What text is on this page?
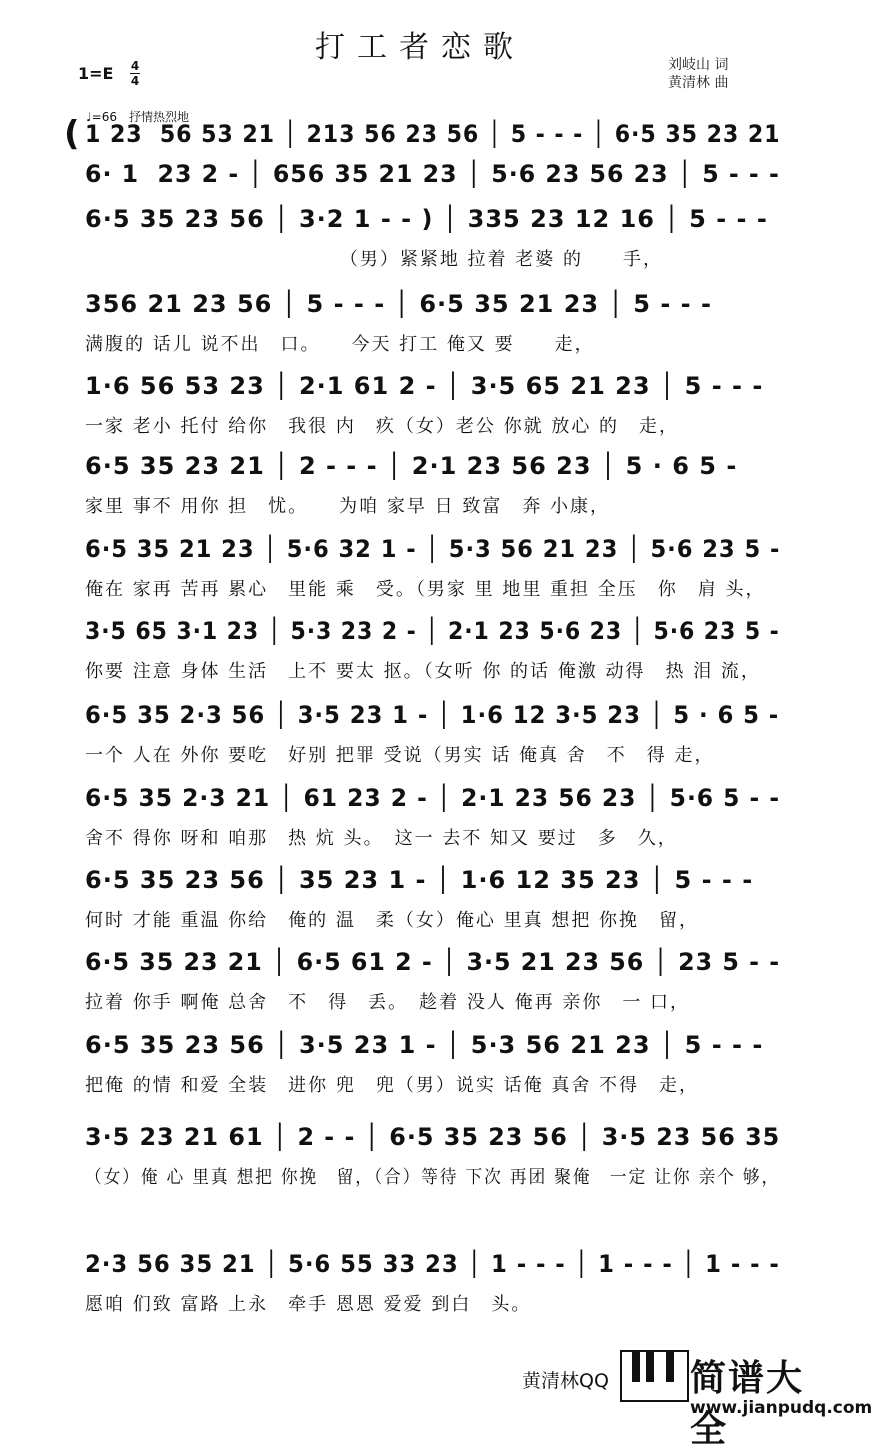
打工者恋歌	刘岐山 词
黄清林 曲
1=E 4
4
♩=66　抒情热烈地
( 1 23  56 53 21 │ 213 56 23 56 │ 5 - - - │ 6·5 35 23 21
6· 1  23 2 - │ 656 35 21 23 │ 5·6 23 56 23 │ 5 - - -
6·5 35 23 56 │ 3·2 1 - - ) │ 335 23 12 16 │ 5 - - -
（男）紧紧地 拉着 老婆 的　　手，
356 21 23 56 │ 5 - - - │ 6·5 35 21 23 │ 5 - - -
满腹的 话儿 说不出　口。　　今天 打工 俺又 要　　走，
1·6 56 53 23 │ 2·1 61 2 - │ 3·5 65 21 23 │ 5 - - -
一家 老小 托付 给你　我很 内　疚（女）老公 你就 放心 的　走，
6·5 35 23 21 │ 2 - - - │ 2·1 23 56 23 │ 5 · 6 5 -
家里 事不 用你 担　忧。　　为咱 家早 日 致富　奔 小康，
6·5 35 21 23 │ 5·6 32 1 - │ 5·3 56 21 23 │ 5·6 23 5 -
俺在 家再 苦再 累心　里能 乘　受。（男家 里 地里 重担 全压　你　肩 头，
3·5 65 3·1 23 │ 5·3 23 2 - │ 2·1 23 5·6 23 │ 5·6 23 5 -
你要 注意 身体 生活　上不 要太 抠。（女听 你 的话 俺激 动得　热 泪 流，
6·5 35 2·3 56 │ 3·5 23 1 - │ 1·6 12 3·5 23 │ 5 · 6 5 -
一个 人在 外你 要吃　好别 把罪 受说（男实 话 俺真 舍　不　得 走，
6·5 35 2·3 21 │ 61 23 2 - │ 2·1 23 56 23 │ 5·6 5 - -
舍不 得你 呀和 咱那　热 炕 头。　这一 去不 知又 要过　多　久，
6·5 35 23 56 │ 35 23 1 - │ 1·6 12 35 23 │ 5 - - -
何时 才能 重温 你给　俺的 温　柔（女）俺心 里真 想把 你挽　留，
6·5 35 23 21 │ 6·5 61 2 - │ 3·5 21 23 56 │ 23 5 - -
拉着 你手 啊俺 总舍　不　得　丢。　趁着 没人 俺再 亲你　一 口，
6·5 35 23 56 │ 3·5 23 1 - │ 5·3 56 21 23 │ 5 - - -
把俺 的情 和爱 全装　进你 兜　兜（男）说实 话俺 真舍 不得　走，
3·5 23 21 61 │ 2 - - │ 6·5 35 23 56 │ 3·5 23 56 35
（女）俺 心 里真 想把 你挽　留，（合）等待 下次 再团 聚俺　一定 让你 亲个 够，
2·3 56 35 21 │ 5·6 55 33 23 │ 1 - - - │ 1 - - - │ 1 - - -
愿咱 们致 富路 上永　牵手 恩恩 爱爱 到白　头。
黄清林QQ 简谱大全
www.jianpudq.com
